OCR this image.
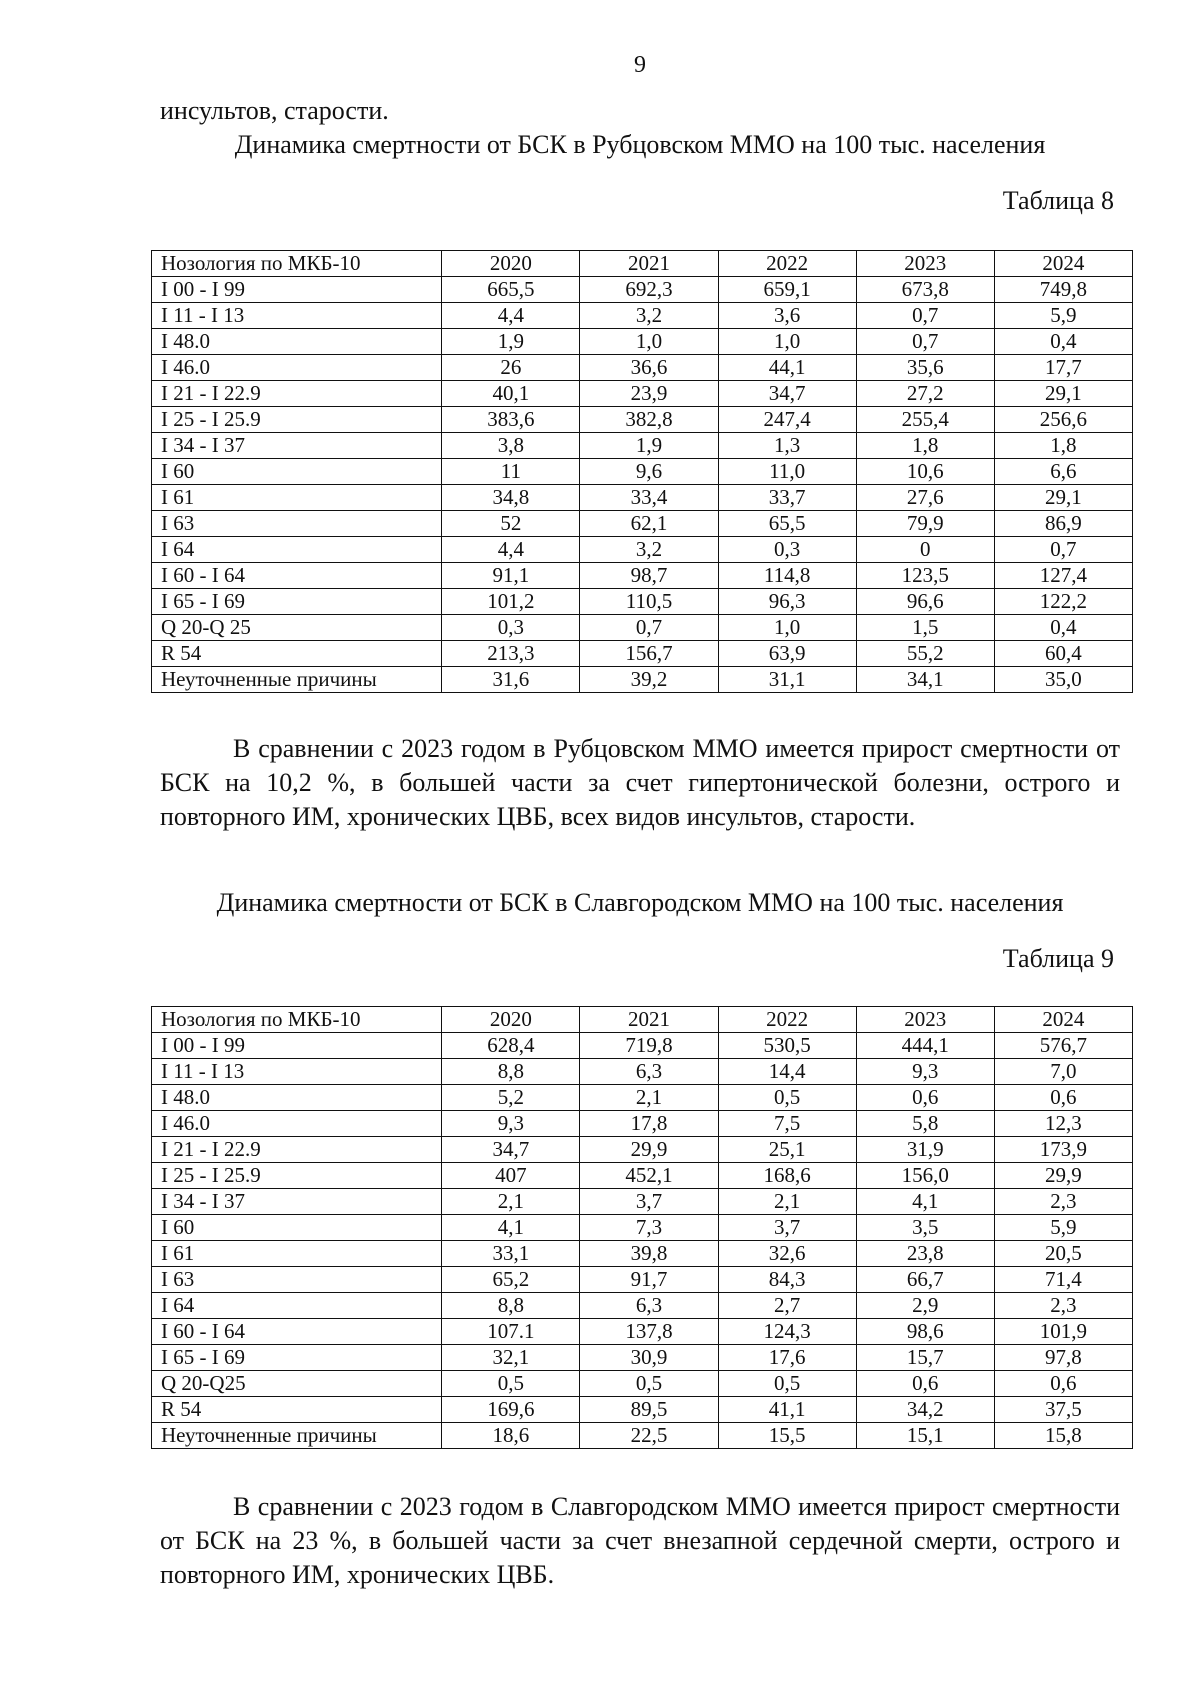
9
инсультов, старости.
Динамика смертности от БСК в Рубцовском ММО на 100 тыс. населения
Таблица 8
Нозология по МКБ-10	2020	2021	2022	2023	2024
I 00 - I 99	665,5	692,3	659,1	673,8	749,8
I 11 - I 13	4,4	3,2	3,6	0,7	5,9
I 48.0	1,9	1,0	1,0	0,7	0,4
I 46.0	26	36,6	44,1	35,6	17,7
I 21 - I 22.9	40,1	23,9	34,7	27,2	29,1
I 25 - I 25.9	383,6	382,8	247,4	255,4	256,6
I 34 - I 37	3,8	1,9	1,3	1,8	1,8
I 60	11	9,6	11,0	10,6	6,6
I 61	34,8	33,4	33,7	27,6	29,1
I 63	52	62,1	65,5	79,9	86,9
I 64	4,4	3,2	0,3	0	0,7
I 60 - I 64	91,1	98,7	114,8	123,5	127,4
I 65 - I 69	101,2	110,5	96,3	96,6	122,2
Q 20-Q 25	0,3	0,7	1,0	1,5	0,4
R 54	213,3	156,7	63,9	55,2	60,4
Неуточненные причины	31,6	39,2	31,1	34,1	35,0
В сравнении с 2023 годом в Рубцовском ММО имеется прирост смертности от БСК на 10,2 %, в большей части за счет гипертонической болезни, острого и повторного ИМ, хронических ЦВБ, всех видов инсультов, старости.
Динамика смертности от БСК в Славгородском ММО на 100 тыс. населения
Таблица 9
Нозология по МКБ-10	2020	2021	2022	2023	2024
I 00 - I 99	628,4	719,8	530,5	444,1	576,7
I 11 - I 13	8,8	6,3	14,4	9,3	7,0
I 48.0	5,2	2,1	0,5	0,6	0,6
I 46.0	9,3	17,8	7,5	5,8	12,3
I 21 - I 22.9	34,7	29,9	25,1	31,9	173,9
I 25 - I 25.9	407	452,1	168,6	156,0	29,9
I 34 - I 37	2,1	3,7	2,1	4,1	2,3
I 60	4,1	7,3	3,7	3,5	5,9
I 61	33,1	39,8	32,6	23,8	20,5
I 63	65,2	91,7	84,3	66,7	71,4
I 64	8,8	6,3	2,7	2,9	2,3
I 60 - I 64	107.1	137,8	124,3	98,6	101,9
I 65 - I 69	32,1	30,9	17,6	15,7	97,8
Q 20-Q25	0,5	0,5	0,5	0,6	0,6
R 54	169,6	89,5	41,1	34,2	37,5
Неуточненные причины	18,6	22,5	15,5	15,1	15,8
В сравнении с 2023 годом в Славгородском ММО имеется прирост смертности от БСК на 23 %, в большей части за счет внезапной сердечной смерти, острого и повторного ИМ, хронических ЦВБ.
